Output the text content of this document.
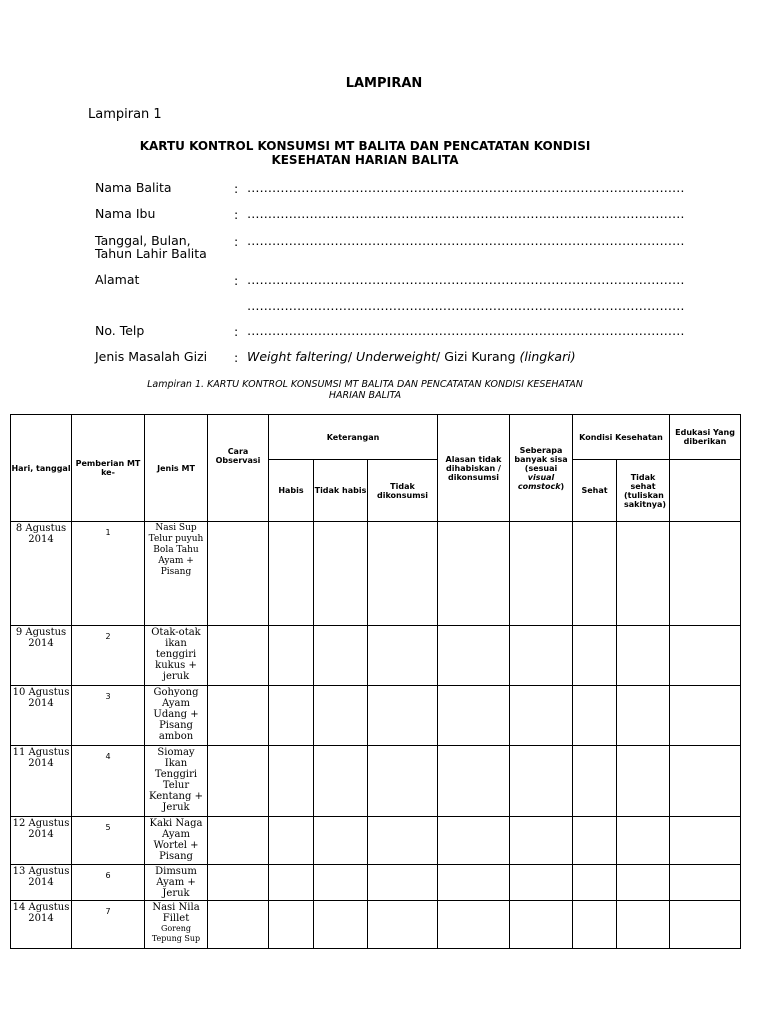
LAMPIRAN
Lampiran 1
KARTU KONTROL KONSUMSI MT BALITA DAN PENCATATAN KONDISI
KESEHATAN HARIAN BALITA
Nama Balita	: ……………………………………………………………………………………………
Nama Ibu	: ……………………………………………………………………………………………
Tanggal, Bulan, Tahun Lahir Balita
: ……………………………………………………………………………………………
Alamat	: ……………………………………………………………………………………………
……………………………………………………………………………………………
No. Telp	: ……………………………………………………………………………………………
Jenis Masalah Gizi	: Weight faltering/ Underweight/ Gizi Kurang (lingkari)
Lampiran 1. KARTU KONTROL KONSUMSI MT BALITA DAN PENCATATAN KONDISI KESEHATAN
HARIAN BALITA
Hari, tanggal	Pemberian MT ke-	Jenis MT	Cara Observasi	Keterangan			Alasan tidak dihabiskan / dikonsumsi	Seberapa banyak sisa (sesuai visual comstock)	Kondisi Kesehatan		Edukasi Yang diberikan
				Habis	Tidak habis	Tidak dikonsumsi			Sehat	Tidak sehat (tuliskan sakitnya)	
8 Agustus 2014	1	Nasi Sup Telur puyuh Bola Tahu Ayam + Pisang									

9 Agustus 2014	2	Otak-otak ikan tenggiri kukus + jeruk									

10 Agustus 2014	3	Gohyong Ayam Udang + Pisang ambon									

11 Agustus 2014	4	Siomay Ikan Tenggiri Telur Kentang + Jeruk									

12 Agustus 2014	5	Kaki Naga Ayam Wortel + Pisang									

13 Agustus 2014	6	Dimsum Ayam + Jeruk									

14 Agustus 2014	7	Nasi Nila Fillet
Goreng Tepung Sup									
